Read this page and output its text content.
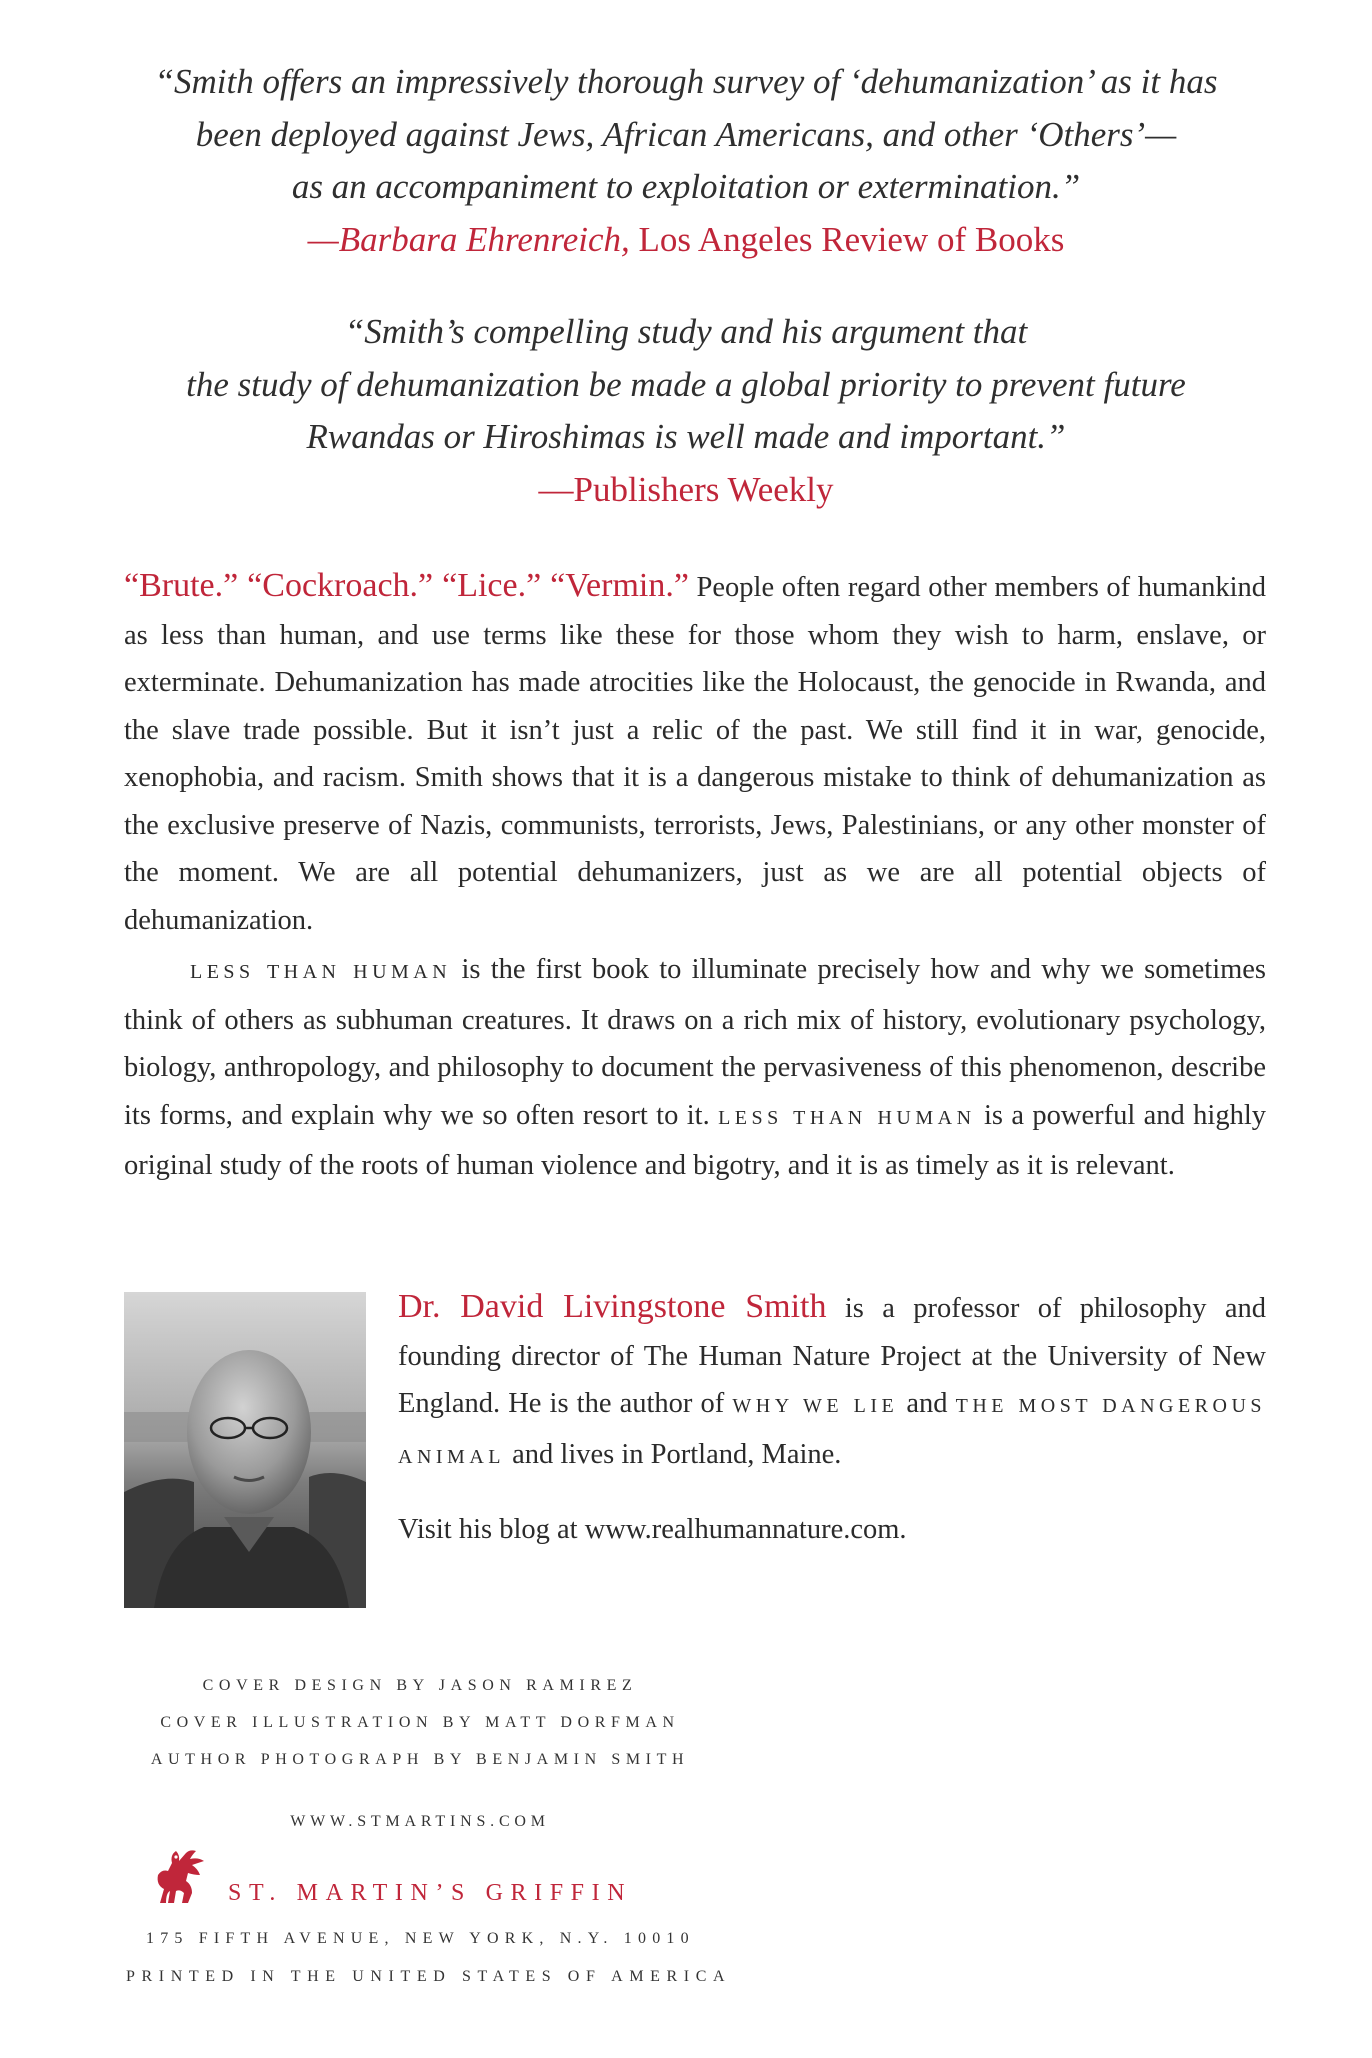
“Smith offers an impressively thorough survey of ‘dehumanization’ as it has
been deployed against Jews, African Americans, and other ‘Others’—
as an accompaniment to exploitation or extermination.”
—Barbara Ehrenreich, Los Angeles Review of Books
“Smith’s compelling study and his argument that
the study of dehumanization be made a global priority to prevent future
Rwandas or Hiroshimas is well made and important.”
—Publishers Weekly

“Brute.” “Cockroach.” “Lice.” “Vermin.” People often regard other members of humankind as less than human, and use terms like these for those whom they wish to harm, enslave, or exterminate. Dehumanization has made atrocities like the Holocaust, the genocide in Rwanda, and the slave trade possible. But it isn’t just a relic of the past. We still find it in war, genocide, xenophobia, and racism. Smith shows that it is a dangerous mistake to think of dehumanization as the exclusive preserve of Nazis, communists, terrorists, Jews, Palestinians, or any other monster of the moment. We are all potential dehumanizers, just as we are all potential objects of dehumanization.

LESS THAN HUMAN is the first book to illuminate precisely how and why we sometimes think of others as subhuman creatures. It draws on a rich mix of history, evolutionary psychology, biology, anthropology, and philosophy to document the pervasiveness of this phenomenon, describe its forms, and explain why we so often resort to it. LESS THAN HUMAN is a powerful and highly original study of the roots of human violence and bigotry, and it is as timely as it is relevant.

Dr. David Livingstone Smith is a professor of philosophy and founding director of The Human Nature Project at the University of New England. He is the author of WHY WE LIE and THE MOST DANGEROUS ANIMAL and lives in Portland, Maine.
Visit his blog at www.realhumannature.com.
COVER DESIGN BY JASON RAMIREZ
COVER ILLUSTRATION BY MATT DORFMAN
AUTHOR PHOTOGRAPH BY BENJAMIN SMITH
WWW.STMARTINS.COM
ST. MARTIN’S GRIFFIN
175 FIFTH AVENUE, NEW YORK, N.Y. 10010
PRINTED IN THE UNITED STATES OF AMERICA
